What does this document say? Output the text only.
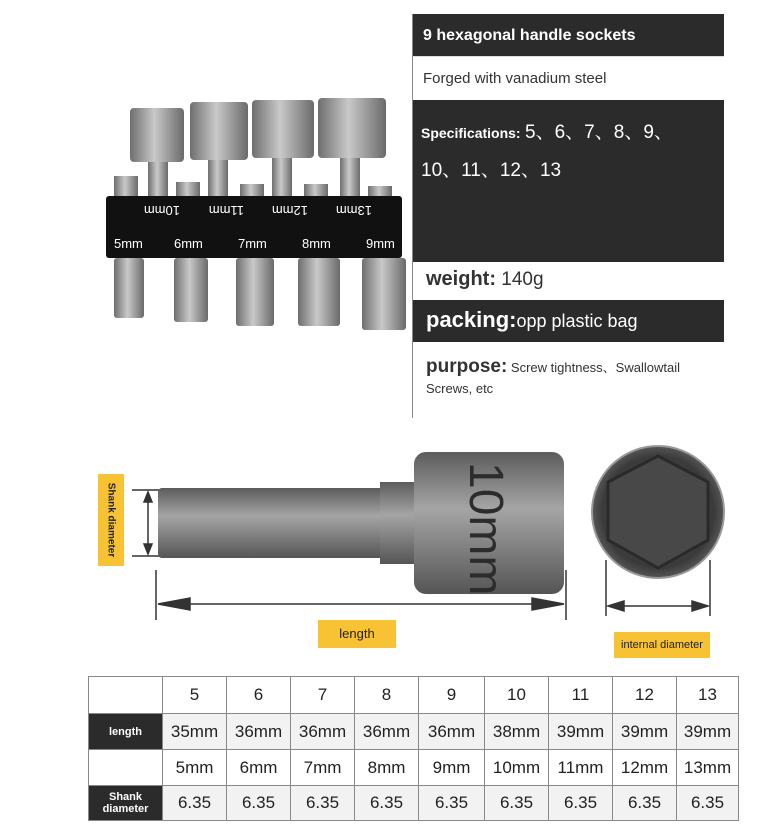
10mm 11mm 12mm 13mm
5mm 6mm	7mm	8mm	9mm
9 hexagonal handle sockets
Forged with vanadium steel
Specifications: 5、6、7、8、9、
10、11、12、13
weight: 140g
packing:opp plastic bag
purpose: Screw tightness、Swallowtail
Screws, etc
10mm
Shank diameter
length
internal diameter
Public English system	5	6	7	8	9	10	11	12	13
length	35mm	36mm	36mm	36mm	36mm	38mm	39mm	39mm	39mm
internal diameter	5mm	6mm	7mm	8mm	9mm	10mm	11mm	12mm	13mm
Shank diameter	6.35	6.35	6.35	6.35	6.35	6.35	6.35	6.35	6.35
